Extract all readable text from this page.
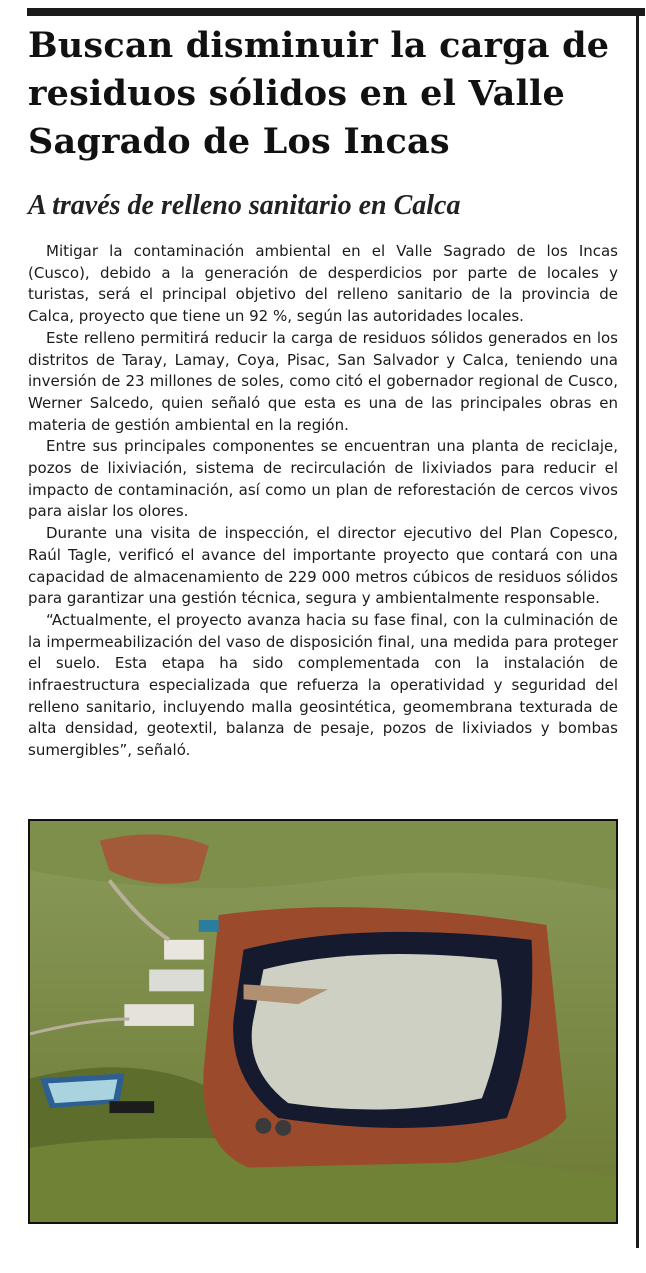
Buscan disminuir la carga de residuos sólidos en el Valle Sagrado de Los Incas
A través de relleno sanitario en Calca

Mitigar la contaminación ambiental en el Valle Sagrado de los Incas (Cusco), debido a la generación de desperdicios por parte de locales y turistas, será el principal objetivo del relleno sanitario de la provincia de Calca, proyecto que tiene un 92 %, según las autoridades locales.

Este relleno permitirá reducir la carga de residuos sólidos generados en los distritos de Taray, Lamay, Coya, Pisac, San Salvador y Calca, teniendo una inversión de 23 millones de soles, como citó el gobernador regional de Cusco, Werner Salcedo, quien señaló que esta es una de las principales obras en materia de gestión ambiental en la región.

Entre sus principales componentes se encuentran una planta de reciclaje, pozos de lixiviación, sistema de recirculación de lixiviados para reducir el impacto de contaminación, así como un plan de reforestación de cercos vivos para aislar los olores.

Durante una visita de inspección, el director ejecutivo del Plan Copesco, Raúl Tagle, verificó el avance del importante proyecto que contará con una capacidad de almacenamiento de 229 000 metros cúbicos de residuos sólidos para garantizar una gestión técnica, segura y ambientalmente responsable.

“Actualmente, el proyecto avanza hacia su fase final, con la culminación de la impermeabilización del vaso de disposición final, una medida para proteger el suelo. Esta etapa ha sido complementada con la instalación de infraestructura especializada que refuerza la operatividad y seguridad del relleno sanitario, incluyendo malla geosintética, geomembrana texturada de alta densidad, geotextil, balanza de pesaje, pozos de lixiviados y bombas sumergibles”, señaló.
